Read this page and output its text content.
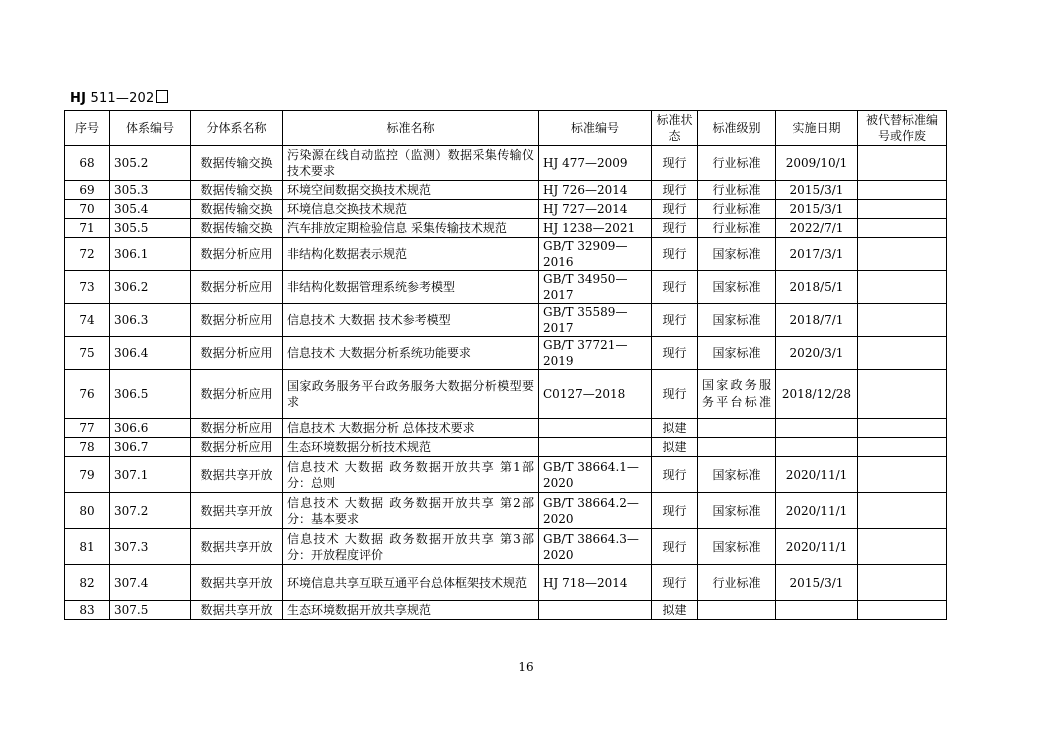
HJ 511—202
序号	体系编号	分体系名称	标准名称	标准编号	标准状态	标准级别	实施日期	被代替标准编号或作废
68	305.2	数据传输交换	污染源在线自动监控（监测）数据采集传输仪技术要求	HJ 477—2009	现行	行业标准	2009/10/1	
69	305.3	数据传输交换	环境空间数据交换技术规范	HJ 726—2014	现行	行业标准	2015/3/1	
70	305.4	数据传输交换	环境信息交换技术规范	HJ 727—2014	现行	行业标准	2015/3/1	
71	305.5	数据传输交换	汽车排放定期检验信息 采集传输技术规范	HJ 1238—2021	现行	行业标准	2022/7/1	
72	306.1	数据分析应用	非结构化数据表示规范	GB/T 32909—2016	现行	国家标准	2017/3/1	
73	306.2	数据分析应用	非结构化数据管理系统参考模型	GB/T 34950—2017	现行	国家标准	2018/5/1	
74	306.3	数据分析应用	信息技术 大数据 技术参考模型	GB/T 35589—2017	现行	国家标准	2018/7/1	
75	306.4	数据分析应用	信息技术 大数据分析系统功能要求	GB/T 37721—2019	现行	国家标准	2020/3/1	
76	306.5	数据分析应用	国家政务服务平台政务服务大数据分析模型要求	C0127—2018	现行	国家政务服务平台标准	2018/12/28	
77	306.6	数据分析应用	信息技术 大数据分析 总体技术要求		拟建			
78	306.7	数据分析应用	生态环境数据分析技术规范		拟建			
79	307.1	数据共享开放	信息技术 大数据 政务数据开放共享 第1部分：总则	GB/T 38664.1—2020	现行	国家标准	2020/11/1	
80	307.2	数据共享开放	信息技术 大数据 政务数据开放共享 第2部分：基本要求	GB/T 38664.2—2020	现行	国家标准	2020/11/1	
81	307.3	数据共享开放	信息技术 大数据 政务数据开放共享 第3部分：开放程度评价	GB/T 38664.3—2020	现行	国家标准	2020/11/1	
82	307.4	数据共享开放	环境信息共享互联互通平台总体框架技术规范	HJ 718—2014	现行	行业标准	2015/3/1	
83	307.5	数据共享开放	生态环境数据开放共享规范		拟建			
16
